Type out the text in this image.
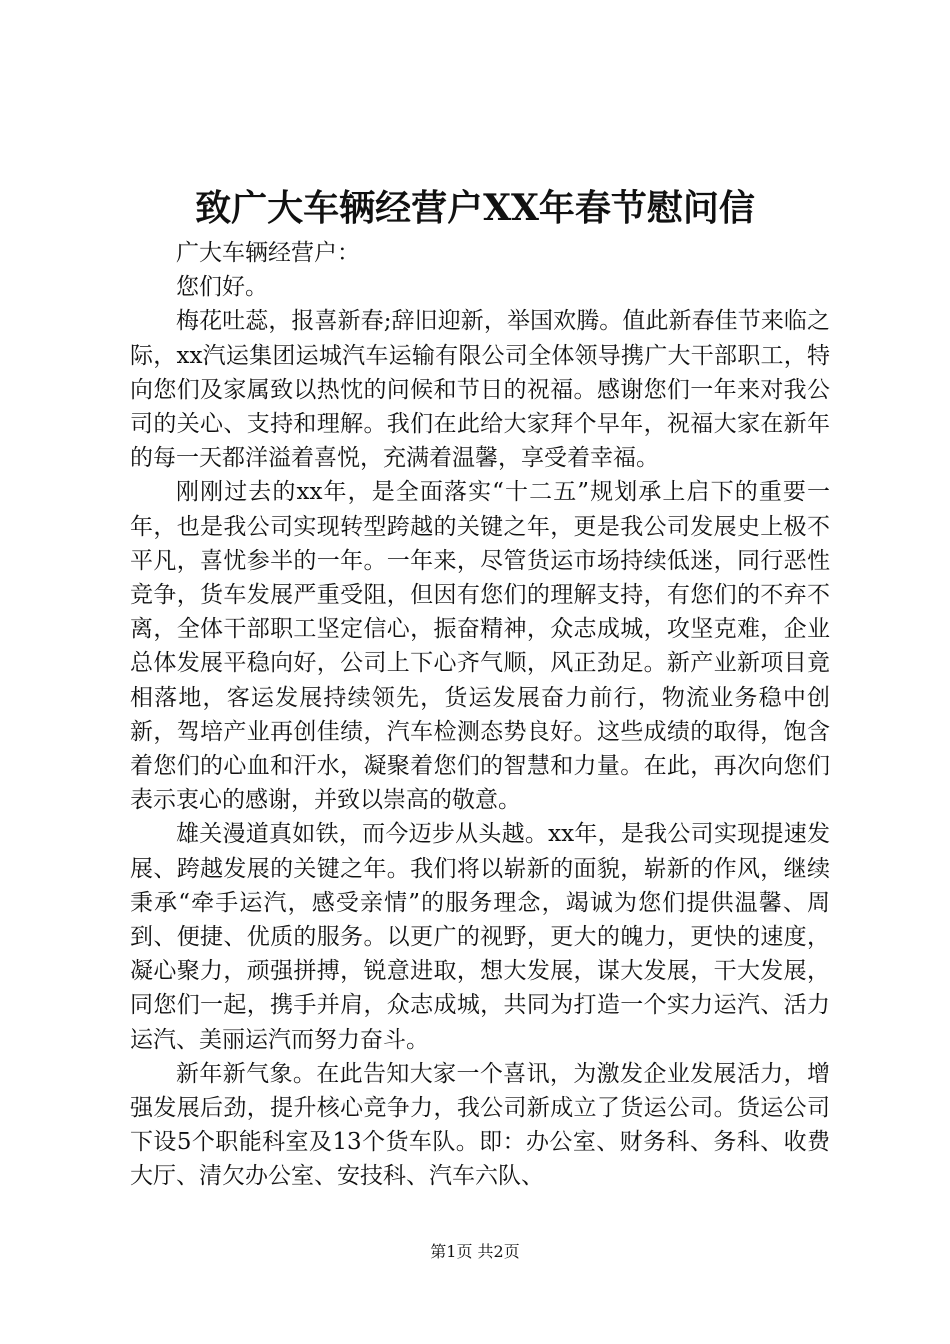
致广大车辆经营户XX年春节慰问信

广大车辆经营户：

您们好。

梅花吐蕊，报喜新春;辞旧迎新，举国欢腾。值此新春佳节来临之际，xx汽运集团运城汽车运输有限公司全体领导携广大干部职工，特向您们及家属致以热忱的问候和节日的祝福。感谢您们一年来对我公司的关心、支持和理解。我们在此给大家拜个早年，祝福大家在新年的每一天都洋溢着喜悦，充满着温馨，享受着幸福。

刚刚过去的xx年，是全面落实“十二五”规划承上启下的重要一年，也是我公司实现转型跨越的关键之年，更是我公司发展史上极不平凡，喜忧参半的一年。一年来，尽管货运市场持续低迷，同行恶性竞争，货车发展严重受阻，但因有您们的理解支持，有您们的不弃不离，全体干部职工坚定信心，振奋精神，众志成城，攻坚克难，企业总体发展平稳向好，公司上下心齐气顺，风正劲足。新产业新项目竟相落地，客运发展持续领先，货运发展奋力前行，物流业务稳中创新，驾培产业再创佳绩，汽车检测态势良好。这些成绩的取得，饱含着您们的心血和汗水，凝聚着您们的智慧和力量。在此，再次向您们表示衷心的感谢，并致以崇高的敬意。

雄关漫道真如铁，而今迈步从头越。xx年，是我公司实现提速发展、跨越发展的关键之年。我们将以崭新的面貌，崭新的作风，继续秉承“牵手运汽，感受亲情”的服务理念，竭诚为您们提供温馨、周到、便捷、优质的服务。以更广的视野，更大的魄力，更快的速度，凝心聚力，顽强拼搏，锐意进取，想大发展，谋大发展，干大发展，同您们一起，携手并肩，众志成城，共同为打造一个实力运汽、活力运汽、美丽运汽而努力奋斗。

新年新气象。在此告知大家一个喜讯，为激发企业发展活力，增强发展后劲，提升核心竞争力，我公司新成立了货运公司。货运公司下设5个职能科室及13个货车队。即：办公室、财务科、务科、收费大厅、清欠办公室、安技科、汽车六队、

第1页 共2页
